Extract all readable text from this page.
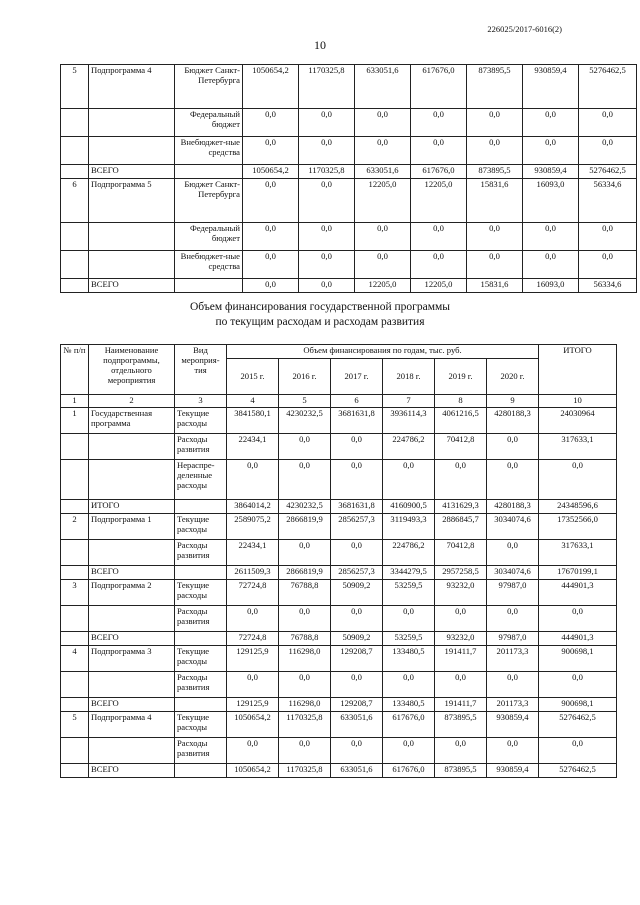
226025/2017-6016(2)
10
5	Подпрограмма 4	Бюджет Санкт-Петербурга	1050654,2	1170325,8	633051,6	617676,0	873895,5	930859,4	5276462,5
		Федеральный бюджет	0,0	0,0	0,0	0,0	0,0	0,0	0,0
		Внебюджет-ные средства	0,0	0,0	0,0	0,0	0,0	0,0	0,0
	ВСЕГО		1050654,2	1170325,8	633051,6	617676,0	873895,5	930859,4	5276462,5
6	Подпрограмма 5	Бюджет Санкт-Петербурга	0,0	0,0	12205,0	12205,0	15831,6	16093,0	56334,6
		Федеральный бюджет	0,0	0,0	0,0	0,0	0,0	0,0	0,0
		Внебюджет-ные средства	0,0	0,0	0,0	0,0	0,0	0,0	0,0
	ВСЕГО		0,0	0,0	12205,0	12205,0	15831,6	16093,0	56334,6
Объем финансирования государственной программы
по текущим расходам и расходам развития
№ п/п	Наименование подпрограммы, отдельного мероприятия	Вид мероприя-тия	Объем финансирования по годам, тыс. руб.						ИТОГО
			2015 г.	2016 г.	2017 г.	2018 г.	2019 г.	2020 г.	
1	2	3	4	5	6	7	8	9	10
1	Государственная программа	Текущие расходы	3841580,1	4230232,5	3681631,8	3936114,3	4061216,5	4280188,3	24030964
		Расходы развития	22434,1	0,0	0,0	224786,2	70412,8	0,0	317633,1
		Нераспре-деленные расходы	0,0	0,0	0,0	0,0	0,0	0,0	0,0
	ИТОГО		3864014,2	4230232,5	3681631,8	4160900,5	4131629,3	4280188,3	24348596,6
2	Подпрограмма 1	Текущие расходы	2589075,2	2866819,9	2856257,3	3119493,3	2886845,7	3034074,6	17352566,0
		Расходы развития	22434,1	0,0	0,0	224786,2	70412,8	0,0	317633,1
	ВСЕГО		2611509,3	2866819,9	2856257,3	3344279,5	2957258,5	3034074,6	17670199,1
3	Подпрограмма 2	Текущие расходы	72724,8	76788,8	50909,2	53259,5	93232,0	97987,0	444901,3
		Расходы развития	0,0	0,0	0,0	0,0	0,0	0,0	0,0
	ВСЕГО		72724,8	76788,8	50909,2	53259,5	93232,0	97987,0	444901,3
4	Подпрограмма 3	Текущие расходы	129125,9	116298,0	129208,7	133480,5	191411,7	201173,3	900698,1
		Расходы развития	0,0	0,0	0,0	0,0	0,0	0,0	0,0
	ВСЕГО		129125,9	116298,0	129208,7	133480,5	191411,7	201173,3	900698,1
5	Подпрограмма 4	Текущие расходы	1050654,2	1170325,8	633051,6	617676,0	873895,5	930859,4	5276462,5
		Расходы развития	0,0	0,0	0,0	0,0	0,0	0,0	0,0
	ВСЕГО		1050654,2	1170325,8	633051,6	617676,0	873895,5	930859,4	5276462,5
